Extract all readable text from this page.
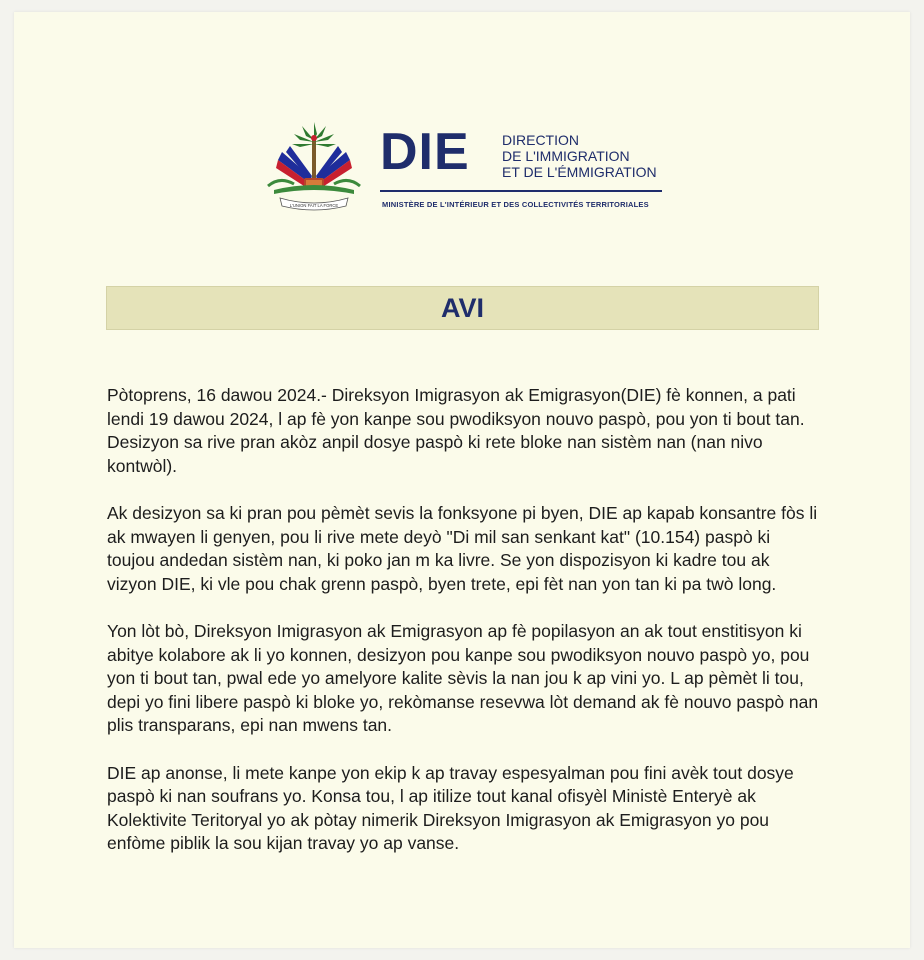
L'UNION FAIT LA FORCE
DIE DIRECTION
DE L'IMMIGRATION
ET DE L'ÉMMIGRATION
MINISTÈRE DE L'INTÉRIEUR ET DES COLLECTIVITÉS TERRITORIALES
AVI

Pòtoprens, 16 dawou 2024.- Direksyon Imigrasyon ak Emigrasyon(DIE) fè konnen, a pati lendi 19 dawou 2024, l ap fè yon kanpe sou pwodiksyon nouvo paspò, pou yon ti bout tan. Desizyon sa rive pran akòz anpil dosye paspò ki rete bloke nan sistèm nan (nan nivo kontwòl).

Ak desizyon sa ki pran pou pèmèt sevis la fonksyone pi byen, DIE ap kapab konsantre fòs li ak mwayen li genyen, pou li rive mete deyò "Di mil san senkant kat" (10.154) paspò ki toujou andedan sistèm nan, ki poko jan m ka livre. Se yon dispozisyon ki kadre tou ak vizyon DIE, ki vle pou chak grenn paspò, byen trete, epi fèt nan yon tan ki pa twò long.

Yon lòt bò, Direksyon Imigrasyon ak Emigrasyon ap fè popilasyon an ak tout enstitisyon ki abitye kolabore ak li yo konnen, desizyon pou kanpe sou pwodiksyon nouvo paspò yo, pou yon ti bout tan, pwal ede yo amelyore kalite sèvis la nan jou k ap vini yo. L ap pèmèt li tou, depi yo fini libere paspò ki bloke yo, rekòmanse resevwa lòt demand ak fè nouvo paspò nan plis transparans, epi nan mwens tan.

DIE ap anonse, li mete kanpe yon ekip k ap travay espesyalman pou fini avèk tout dosye paspò ki nan soufrans yo. Konsa tou, l ap itilize tout kanal ofisyèl Ministè Enteryè ak Kolektivite Teritoryal yo ak pòtay nimerik Direksyon Imigrasyon ak Emigrasyon yo pou enfòme piblik la sou kijan travay yo ap vanse.
